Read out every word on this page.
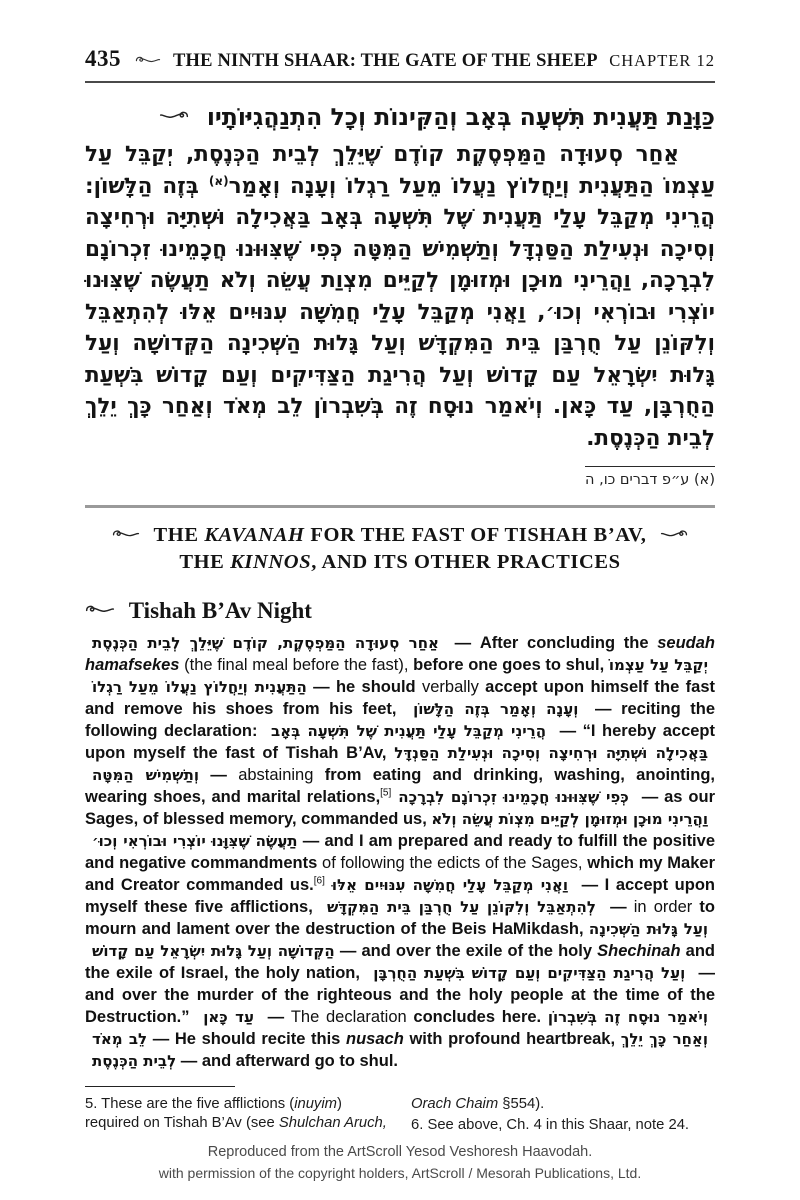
435	THE NINTH SHAAR: THE GATE OF THE SHEEP CHAPTER 12
כַּוָּנַת תַּעֲנִית תִּשְׁעָה בְּאָב וְהַקִּינוֹת וְכָל הִתְנַהֲגִיּוֹתָיו

אַחַר סְעוּדָה הַמַּפְסֶקֶת קוֹדֶם שֶׁיֵּלֵךְ לְבֵית הַכְּנֶסֶת, יְקַבֵּל עַל עַצְמוֹ הַתַּעֲנִית וְיַחֲלוֹץ נַעֲלוֹ מֵעַל רַגְלוֹ וְעָנָה וְאָמַר$^{(א)}$ בְּזֶה הַלָּשׁוֹן: הֲרֵינִי מְקַבֵּל עָלַי תַּעֲנִית שֶׁל תִּשְׁעָה בְּאָב בַּאֲכִילָה וּשְׁתִיָּה וּרְחִיצָה וְסִיכָה וּנְעִילַת הַסַּנְדָּל וְתַשְׁמִישׁ הַמִּטָּה כְּפִי שֶׁצִּוּוּנוּ חֲכָמֵינוּ זִכְרוֹנָם לִבְרָכָה, וַהֲרֵינִי מוּכָן וּמְזוּמָן לְקַיֵּים מִצְוַת עֲשֵׂה וְלֹא תַעֲשֶׂה שֶׁצִּוּנוּ יוֹצְרִי וּבוֹרְאִי וְכוּ׳, וַאֲנִי מְקַבֵּל עָלַי חֲמִשָּׁה עִנּוּיִים אֵלּוּ לְהִתְאַבֵּל וְלִקּוֹנֵן עַל חֻרְבַּן בֵּית הַמִּקְדָּשׁ וְעַל גָּלוּת הַשְּׁכִינָה הַקְּדוֹשָׁה וְעַל גָּלוּת יִשְׂרָאֵל עַם קָדוֹשׁ וְעַל הֲרִיגַת הַצַּדִּיקִים וְעַם קָדוֹשׁ בִּשְׁעַת הַחֻרְבָּן, עַד כָּאן. וְיֹאמַר נוּסָח זֶה בְּשִׁבְרוֹן לֵב מְאֹד וְאַחַר כָּךְ יֵלֵךְ לְבֵית הַכְּנֶסֶת.

(א) ע״פ דברים כו, ה
THE KAVANAH FOR THE FAST OF TISHAH B’AV,
THE KINNOS, AND ITS OTHER PRACTICES
Tishah B’Av Night

אַחַר סְעוּדָה הַמַּפְסֶקֶת, קוֹדֶם שֶׁיֵּלֵךְ לְבֵית הַכְּנֶסֶת — After concluding the seudah hamafsekes (the final meal before the fast), before one goes to shul, יְקַבֵּל עַל עַצְמוֹ הַתַּעֲנִית וְיַחֲלוֹץ נַעֲלוֹ מֵעַל רַגְלוֹ — he should verbally accept upon himself the fast and remove his shoes from his feet, וְעָנָה וְאָמַר בְּזֶה הַלָּשׁוֹן — reciting the following declaration: הֲרֵינִי מְקַבֵּל עָלַי תַּעֲנִית שֶׁל תִּשְׁעָה בְּאָב — “I hereby accept upon myself the fast of Tishah B’Av, בַּאֲכִילָה וּשְׁתִיָּה וּרְחִיצָה וְסִיכָה וּנְעִילַת הַסַּנְדָּל וְתַשְׁמִישׁ הַמִּטָּה — abstaining from eating and drinking, washing, anointing, wearing shoes, and marital relations,[5] כְּפִי שֶׁצִּוּוּנוּ חֲכָמֵינוּ זִכְרוֹנָם לִבְרָכָה — as our Sages, of blessed memory, commanded us, וַהֲרֵינִי מוּכָן וּמְזוּמָן לְקַיֵּים מִצְוֹת עֲשֵׂה וְלֹא תַעֲשֶׂה שֶׁצִּוָּנוּ יוֹצְרִי וּבוֹרְאִי וְכוּ׳ — and I am prepared and ready to fulfill the positive and negative commandments of following the edicts of the Sages, which my Maker and Creator commanded us.[6] וַאֲנִי מְקַבֵּל עָלַי חֲמִשָּׁה עִנּוּיִים אֵלּוּ — I accept upon myself these five afflictions, לְהִתְאַבֵּל וְלִקּוֹנֵן עַל חֻרְבַּן בֵּית הַמִּקְדָּשׁ — in order to mourn and lament over the destruction of the Beis HaMikdash, וְעַל גָּלוּת הַשְּׁכִינָה הַקְּדוֹשָׁה וְעַל גָּלוּת יִשְׂרָאֵל עַם קָדוֹשׁ — and over the exile of the holy Shechinah and the exile of Israel, the holy nation, וְעַל הֲרִיגַת הַצַּדִּיקִים וְעַם קָדוֹשׁ בִּשְׁעַת הַחֻרְבָּן — and over the murder of the righteous and the holy people at the time of the Destruction.” עַד כָּאן — The declaration concludes here. וְיֹאמַר נוּסָח זֶה בְּשִׁבְרוֹן לֵב מְאֹד — He should recite this nusach with profound heartbreak, וְאַחַר כָּךְ יֵלֵךְ לְבֵית הַכְּנֶסֶת — and afterward go to shul.

5. These are the five afflictions (inuyim) required on Tishah B’Av (see Shulchan Aruch, Orach Chaim §554).
6. See above, Ch. 4 in this Shaar, note 24.
Reproduced from the ArtScroll Yesod Veshoresh Haavodah.
with permission of the copyright holders, ArtScroll / Mesorah Publications, Ltd.
